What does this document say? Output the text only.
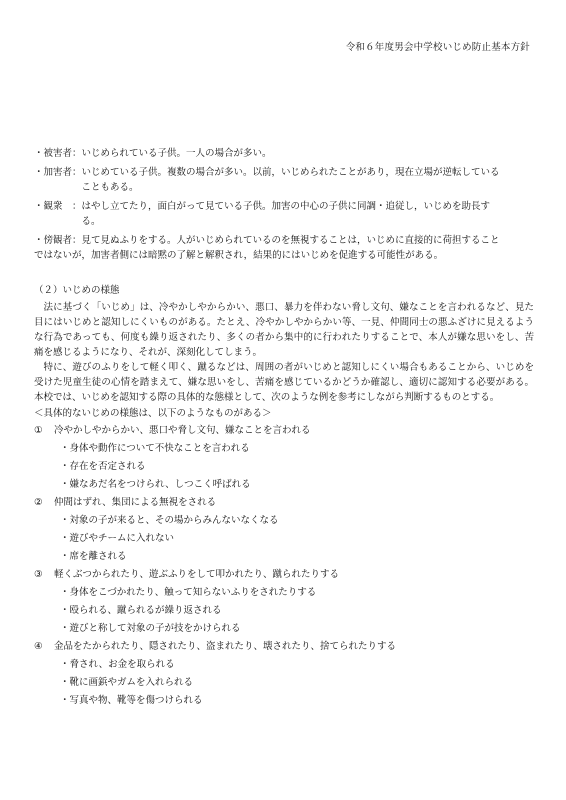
令和６年度男会中学校いじめ防止基本方針
・被害者： いじめられている子供。一人の場合が多い。
・加害者： いじめている子供。複数の場合が多い。以前，いじめられたことがあり，現在立場が逆転している
こともある。
・観衆　： はやし立てたり，面白がって見ている子供。加害の中心の子供に同調・追従し，いじめを助長す
る。
・傍観者：見て見ぬふりをする。人がいじめられているのを無視することは，いじめに直接的に荷担すること
ではないが，加害者側には暗黙の了解と解釈され，結果的にはいじめを促進する可能性がある。
（２）いじめの様態

法に基づく「いじめ」は、冷やかしやからかい、悪口、暴力を伴わない脅し文句、嫌なことを言われるなど、見た目にはいじめと認知しにくいものがある。たとえ、冷やかしやからかい等、一見、仲間同士の悪ふざけに見えるような行為であっても、何度も繰り返されたり、多くの者から集中的に行われたりすることで、本人が嫌な思いをし、苦痛を感じるようになり、それが、深刻化してしまう。

特に、遊びのふりをして軽く叩く、蹴るなどは、周囲の者がいじめと認知しにくい場合もあることから、いじめを受けた児童生徒の心情を踏まえて、嫌な思いをし、苦痛を感じているかどうか確認し、適切に認知する必要がある。本校では、いじめを認知する際の具体的な態様として、次のような例を参考にしながら判断するものとする。

＜具体的ないじめの様態は、以下のようなものがある＞
①	冷やかしやからかい、悪口や脅し文句、嫌なことを言われる
・身体や動作について不快なことを言われる
・存在を否定される
・嫌なあだ名をつけられ、しつこく呼ばれる
②	仲間はずれ、集団による無視をされる
・対象の子が来ると、その場からみんないなくなる
・遊びやチームに入れない
・席を離される
③	軽くぶつかられたり、遊ぶふりをして叩かれたり、蹴られたりする
・身体をこづかれたり、触って知らないふりをされたりする
・殴られる、蹴られるが繰り返される
・遊びと称して対象の子が技をかけられる
④	金品をたかられたり、隠されたり、盗まれたり、壊されたり、捨てられたりする
・脅され、お金を取られる
・靴に画鋲やガムを入れられる
・写真や物、靴等を傷つけられる
